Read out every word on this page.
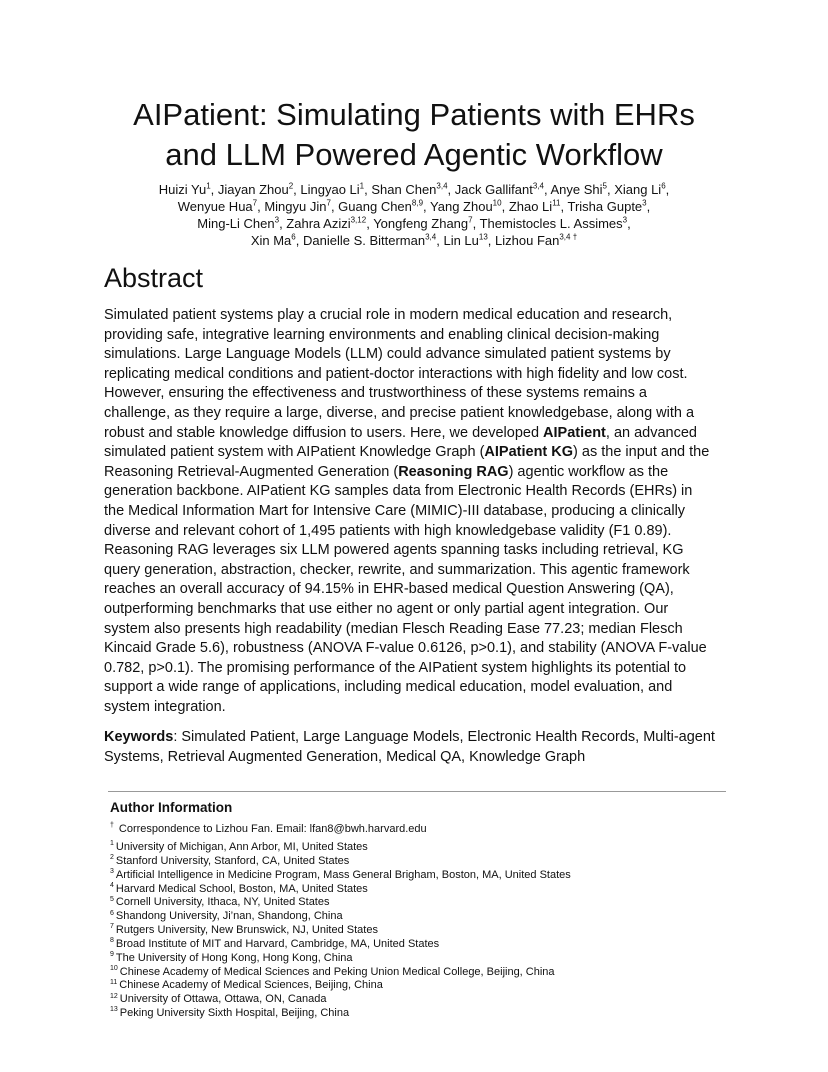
AIPatient: Simulating Patients with EHRs
and LLM Powered Agentic Workflow
Huizi Yu$^1$, Jiayan Zhou$^2$, Lingyao Li$^1$, Shan Chen$^{3,4}$, Jack Gallifant$^{3,4}$, Anye Shi$^5$, Xiang Li$^6$,
Wenyue Hua$^7$, Mingyu Jin$^7$, Guang Chen$^{8,9}$, Yang Zhou$^{10}$, Zhao Li$^{11}$, Trisha Gupte$^3$,
Ming-Li Chen$^3$, Zahra Azizi$^{3,12}$, Yongfeng Zhang$^7$, Themistocles L. Assimes$^3$,
Xin Ma$^6$, Danielle S. Bitterman$^{3,4}$, Lin Lu$^{13}$, Lizhou Fan$^{3,4 \dagger}$
Abstract
Simulated patient systems play a crucial role in modern medical education and research,
providing safe, integrative learning environments and enabling clinical decision-making
simulations. Large Language Models (LLM) could advance simulated patient systems by
replicating medical conditions and patient-doctor interactions with high fidelity and low cost.
However, ensuring the effectiveness and trustworthiness of these systems remains a
challenge, as they require a large, diverse, and precise patient knowledgebase, along with a
robust and stable knowledge diffusion to users. Here, we developed AIPatient, an advanced
simulated patient system with AIPatient Knowledge Graph (AIPatient KG) as the input and the
Reasoning Retrieval-Augmented Generation (Reasoning RAG) agentic workflow as the
generation backbone. AIPatient KG samples data from Electronic Health Records (EHRs) in
the Medical Information Mart for Intensive Care (MIMIC)-III database, producing a clinically
diverse and relevant cohort of 1,495 patients with high knowledgebase validity (F1 0.89).
Reasoning RAG leverages six LLM powered agents spanning tasks including retrieval, KG
query generation, abstraction, checker, rewrite, and summarization. This agentic framework
reaches an overall accuracy of 94.15% in EHR-based medical Question Answering (QA),
outperforming benchmarks that use either no agent or only partial agent integration. Our
system also presents high readability (median Flesch Reading Ease 77.23; median Flesch
Kincaid Grade 5.6), robustness (ANOVA F-value 0.6126, p>0.1), and stability (ANOVA F-value
0.782, p>0.1). The promising performance of the AIPatient system highlights its potential to
support a wide range of applications, including medical education, model evaluation, and
system integration.
Keywords: Simulated Patient, Large Language Models, Electronic Health Records, Multi-agent
Systems, Retrieval Augmented Generation, Medical QA, Knowledge Graph
Author Information
† Correspondence to Lizhou Fan. Email: lfan8@bwh.harvard.edu
$^1$ University of Michigan, Ann Arbor, MI, United States
$^2$ Stanford University, Stanford, CA, United States
$^3$ Artificial Intelligence in Medicine Program, Mass General Brigham, Boston, MA, United States
$^4$ Harvard Medical School, Boston, MA, United States
$^5$ Cornell University, Ithaca, NY, United States
$^6$ Shandong University, Ji’nan, Shandong, China
$^7$ Rutgers University, New Brunswick, NJ, United States
$^8$ Broad Institute of MIT and Harvard, Cambridge, MA, United States
$^9$ The University of Hong Kong, Hong Kong, China
$^{10}$ Chinese Academy of Medical Sciences and Peking Union Medical College, Beijing, China
$^{11}$ Chinese Academy of Medical Sciences, Beijing, China
$^{12}$ University of Ottawa, Ottawa, ON, Canada
$^{13}$ Peking University Sixth Hospital, Beijing, China
